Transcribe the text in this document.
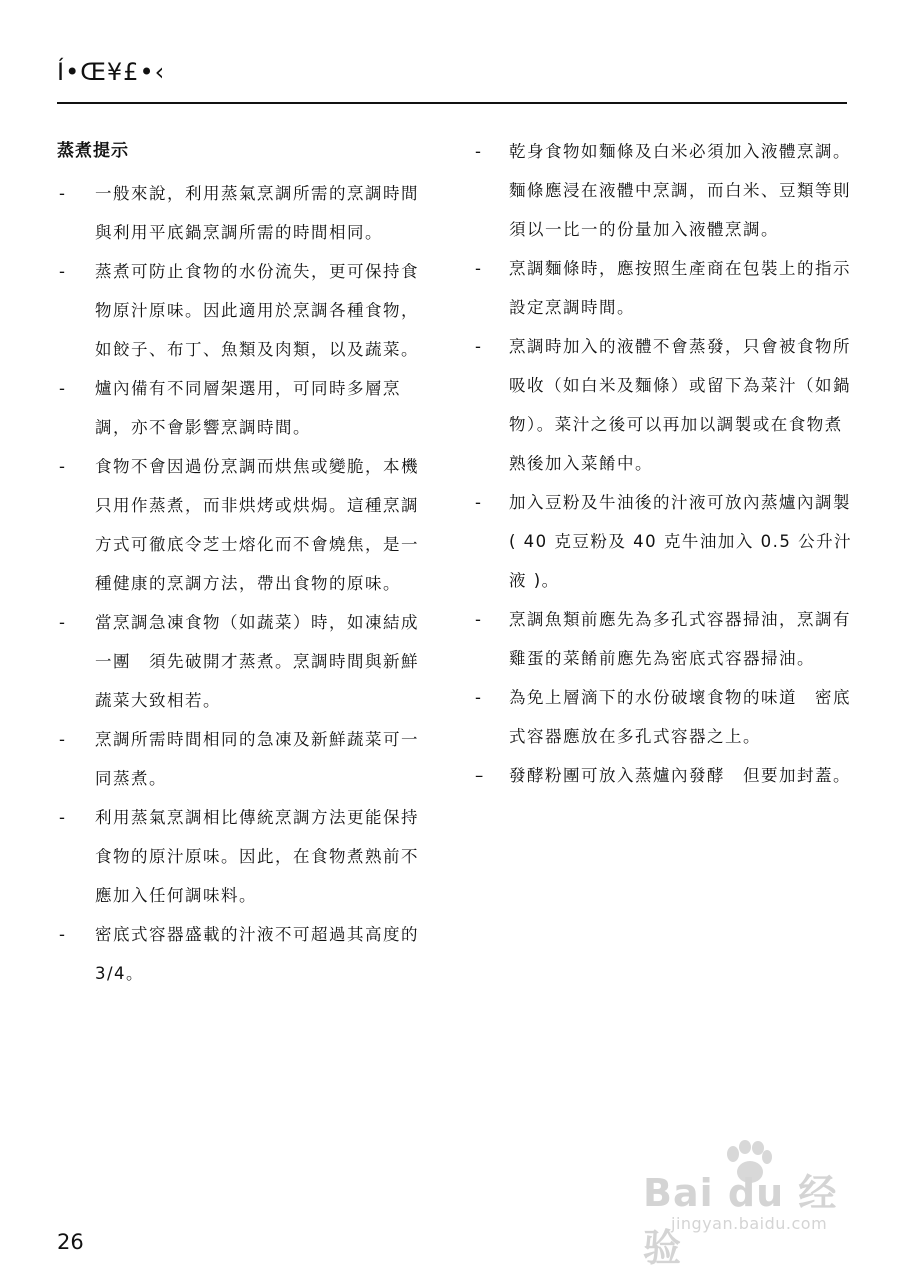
Í•Œ¥£•‹
蒸煮提示
- 一般來說，利用蒸氣烹調所需的烹調時間與利用平底鍋烹調所需的時間相同。
- 蒸煮可防止食物的水份流失，更可保持食物原汁原味。因此適用於烹調各種食物，如餃子、布丁、魚類及肉類，以及蔬菜。
- 爐內備有不同層架選用，可同時多層烹調，亦不會影響烹調時間。
- 食物不會因過份烹調而烘焦或變脆，本機只用作蒸煮，而非烘烤或烘焗。這種烹調方式可徹底令芝士熔化而不會燒焦，是一種健康的烹調方法，帶出食物的原味。
- 當烹調急凍食物（如蔬菜）時，如凍結成一團　須先破開才蒸煮。烹調時間與新鮮蔬菜大致相若。
- 烹調所需時間相同的急凍及新鮮蔬菜可一同蒸煮。
- 利用蒸氣烹調相比傳統烹調方法更能保持食物的原汁原味。因此，在食物煮熟前不應加入任何調味料。
- 密底式容器盛載的汁液不可超過其高度的 3/4。
- 乾身食物如麵條及白米必須加入液體烹調。麵條應浸在液體中烹調，而白米、豆類等則須以一比一的份量加入液體烹調。
- 烹調麵條時，應按照生產商在包裝上的指示設定烹調時間。
- 烹調時加入的液體不會蒸發，只會被食物所吸收（如白米及麵條）或留下為菜汁（如鍋物）。菜汁之後可以再加以調製或在食物煮熟後加入菜餚中。
- 加入豆粉及牛油後的汁液可放內蒸爐內調製( 40 克豆粉及 40 克牛油加入 0.5 公升汁液 )。
- 烹調魚類前應先為多孔式容器掃油，烹調有雞蛋的菜餚前應先為密底式容器掃油。
- 為免上層滴下的水份破壞食物的味道　密底式容器應放在多孔式容器之上。
– 發酵粉團可放入蒸爐內發酵　但要加封蓋。
Bai du 经验
jingyan.baidu.com
26
